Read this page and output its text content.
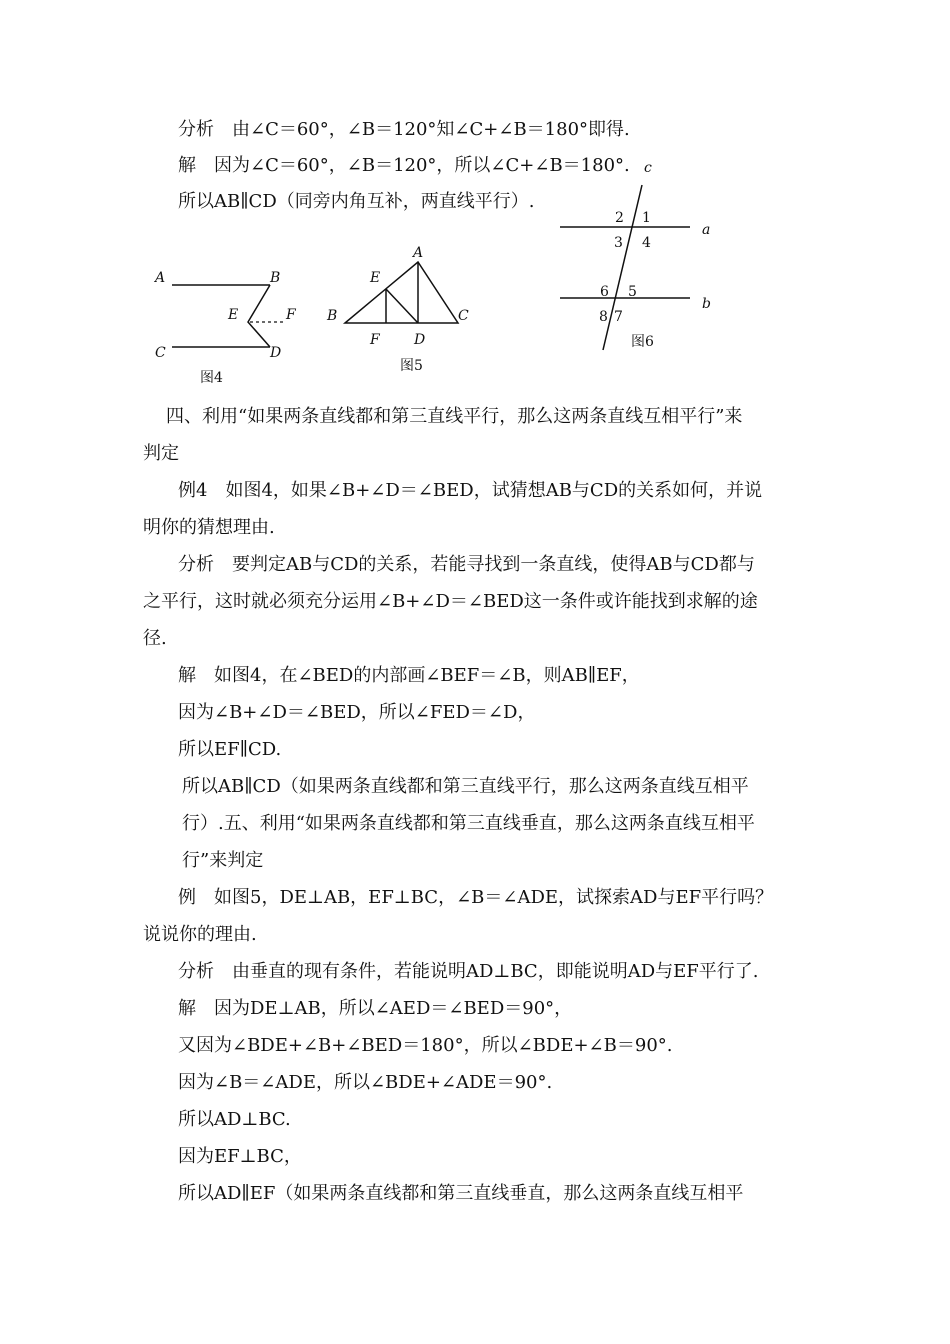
分析　由∠C＝60°，∠B＝120°知∠C+∠B＝180°即得.
解　因为∠C＝60°，∠B＝120°，所以∠C+∠B＝180°.
所以AB∥CD（同旁内角互补，两直线平行）.
四、利用“如果两条直线都和第三直线平行，那么这两条直线互相平行”来
判定
例4　如图4，如果∠B+∠D＝∠BED，试猜想AB与CD的关系如何，并说
明你的猜想理由.
分析　要判定AB与CD的关系，若能寻找到一条直线，使得AB与CD都与
之平行，这时就必须充分运用∠B+∠D＝∠BED这一条件或许能找到求解的途
径.
解　如图4，在∠BED的内部画∠BEF＝∠B，则AB∥EF，
因为∠B+∠D＝∠BED，所以∠FED＝∠D，
所以EF∥CD.
所以AB∥CD（如果两条直线都和第三直线平行，那么这两条直线互相平
行）.五、利用“如果两条直线都和第三直线垂直，那么这两条直线互相平
行”来判定
例　如图5，DE⊥AB，EF⊥BC，∠B＝∠ADE，试探索AD与EF平行吗？
说说你的理由.
分析　由垂直的现有条件，若能说明AD⊥BC，即能说明AD与EF平行了.
解　因为DE⊥AB，所以∠AED＝∠BED＝90°，
又因为∠BDE+∠B+∠BED＝180°，所以∠BDE+∠B＝90°.
因为∠B＝∠ADE，所以∠BDE+∠ADE＝90°.
所以AD⊥BC.
因为EF⊥BC，
所以AD∥EF（如果两条直线都和第三直线垂直，那么这两条直线互相平
A	B
E	F
C	D
图4
A
E
B	C
F D
图5
c
2 1
a
3 4
6 5
b
8 7
图6
